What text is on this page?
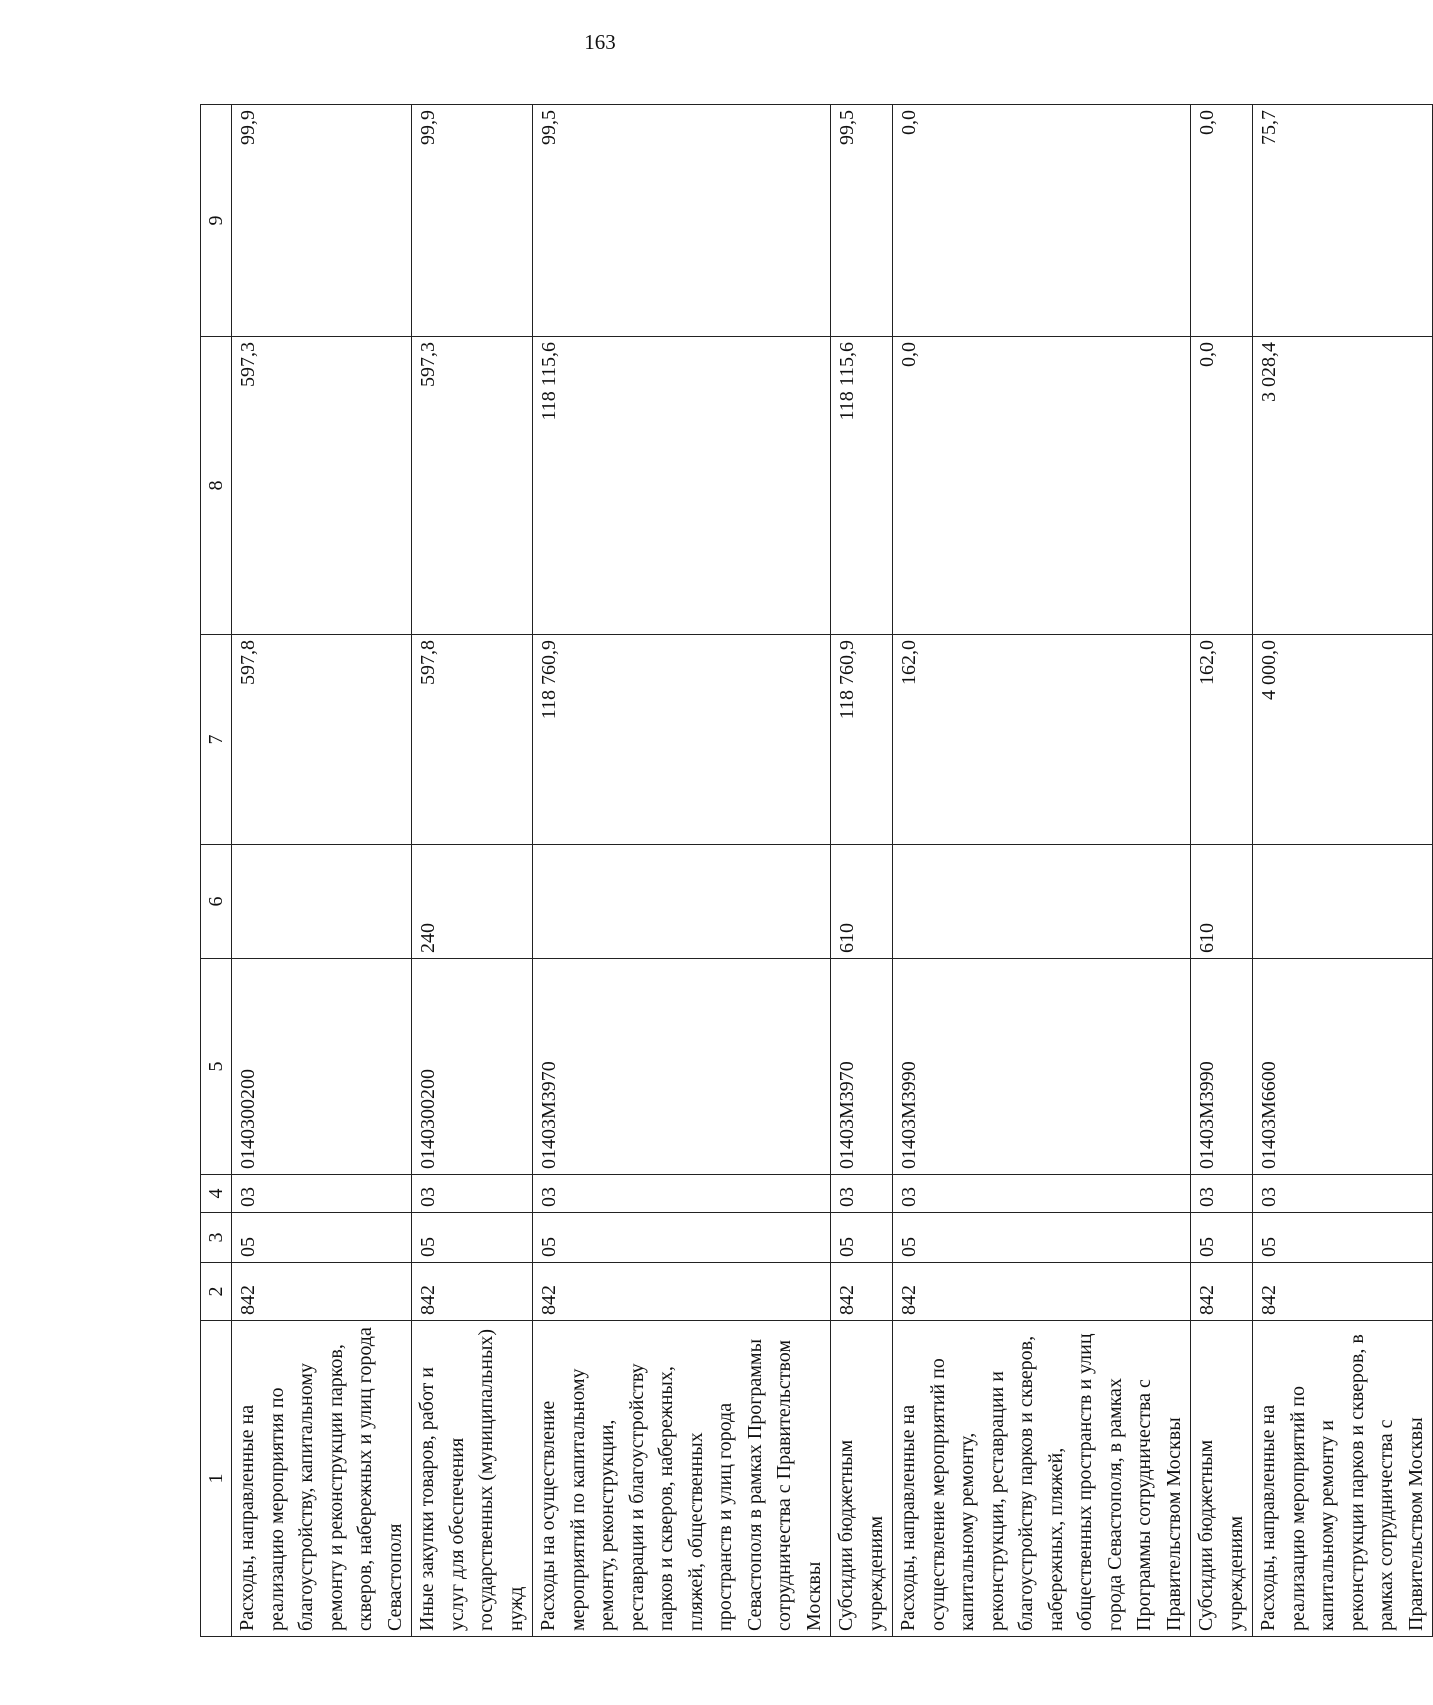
163
1	2	3	4	5	6	7	8	9
Расходы, направленные на реализацию мероприятия по благоустройству, капитальному ремонту и реконструкции парков, скверов, набережных и улиц города Севастополя	842	05	03	0140300200		597,8	597,3	99,9
Иные закупки товаров, работ и услуг для обеспечения государственных (муниципальных) нужд	842	05	03	0140300200	240	597,8	597,3	99,9
Расходы на осуществление мероприятий по капитальному ремонту, реконструкции, реставрации и благоустройству парков и скверов, набережных, пляжей, общественных пространств и улиц города Севастополя в рамках Программы сотрудничества с Правительством Москвы	842	05	03	01403М3970		118 760,9	118 115,6	99,5
Субсидии бюджетным учреждениям	842	05	03	01403М3970	610	118 760,9	118 115,6	99,5
Расходы, направленные на осуществление мероприятий по капитальному ремонту, реконструкции, реставрации и благоустройству парков и скверов, набережных, пляжей, общественных пространств и улиц города Севастополя, в рамках Программы сотрудничества с Правительством Москвы	842	05	03	01403М3990		162,0	0,0	0,0
Субсидии бюджетным учреждениям	842	05	03	01403М3990	610	162,0	0,0	0,0
Расходы, направленные на реализацию мероприятий по капитальному ремонту и реконструкции парков и скверов, в рамках сотрудничества с Правительством Москвы	842	05	03	01403М6600		4 000,0	3 028,4	75,7
